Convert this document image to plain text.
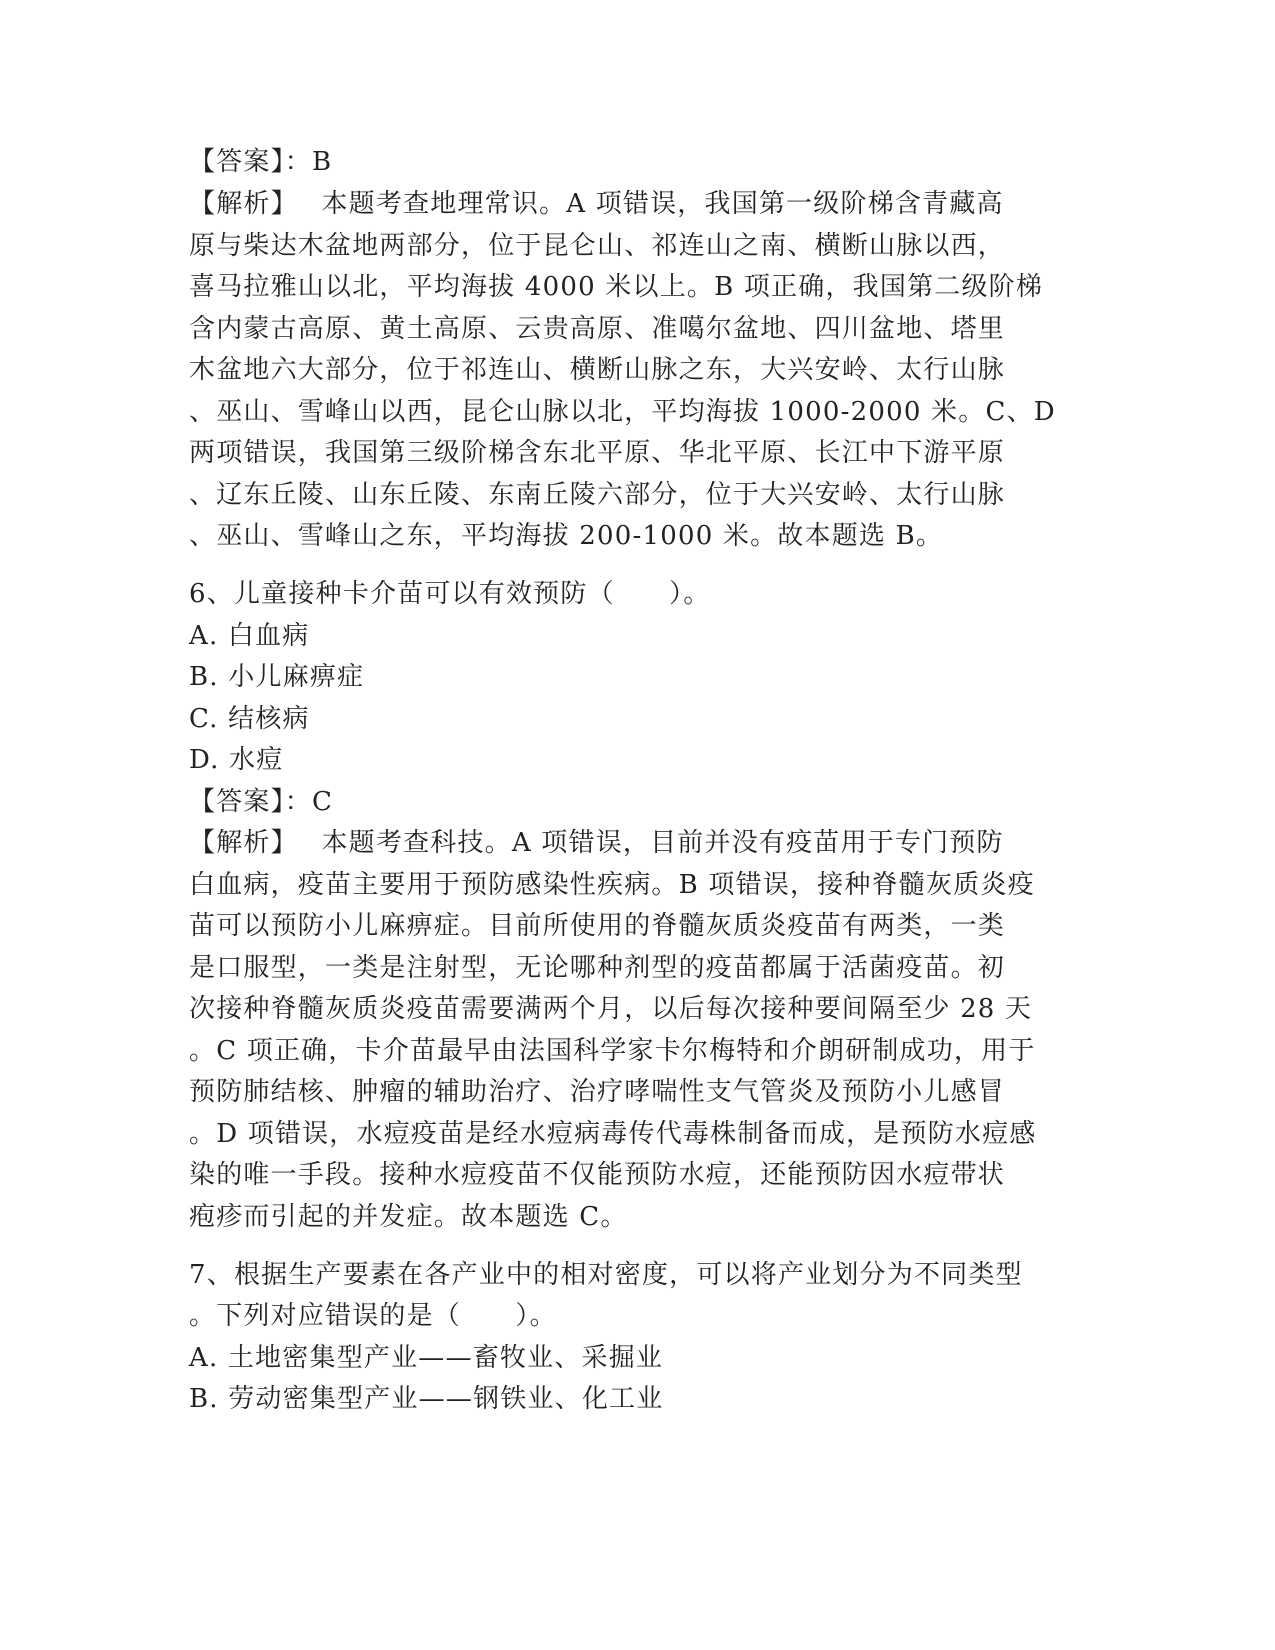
【答案】：B
【解析】　 本题考查地理常识。A 项错误，我国第一级阶梯含青藏高
原与柴达木盆地两部分，位于昆仑山、祁连山之南、横断山脉以西，
喜马拉雅山以北，平均海拔 4000 米以上。B 项正确，我国第二级阶梯
含内蒙古高原、黄土高原、云贵高原、准噶尔盆地、四川盆地、塔里
木盆地六大部分，位于祁连山、横断山脉之东，大兴安岭、太行山脉
、巫山、雪峰山以西，昆仑山脉以北，平均海拔 1000-2000 米。C、D
两项错误，我国第三级阶梯含东北平原、华北平原、长江中下游平原
、辽东丘陵、山东丘陵、东南丘陵六部分，位于大兴安岭、太行山脉
、巫山、雪峰山之东，平均海拔 200-1000 米。故本题选 B。
6、儿童接种卡介苗可以有效预防（　　）。
A. 白血病
B. 小儿麻痹症
C. 结核病
D. 水痘
【答案】：C
【解析】　 本题考查科技。A 项错误，目前并没有疫苗用于专门预防
白血病，疫苗主要用于预防感染性疾病。B 项错误，接种脊髓灰质炎疫
苗可以预防小儿麻痹症。目前所使用的脊髓灰质炎疫苗有两类，一类
是口服型，一类是注射型，无论哪种剂型的疫苗都属于活菌疫苗。初
次接种脊髓灰质炎疫苗需要满两个月，以后每次接种要间隔至少 28 天
。C 项正确，卡介苗最早由法国科学家卡尔梅特和介朗研制成功，用于
预防肺结核、肿瘤的辅助治疗、治疗哮喘性支气管炎及预防小儿感冒
。D 项错误，水痘疫苗是经水痘病毒传代毒株制备而成，是预防水痘感
染的唯一手段。接种水痘疫苗不仅能预防水痘，还能预防因水痘带状
疱疹而引起的并发症。故本题选 C。
7、根据生产要素在各产业中的相对密度，可以将产业划分为不同类型
。下列对应错误的是（　　）。
A. 土地密集型产业——畜牧业、采掘业
B. 劳动密集型产业——钢铁业、化工业
